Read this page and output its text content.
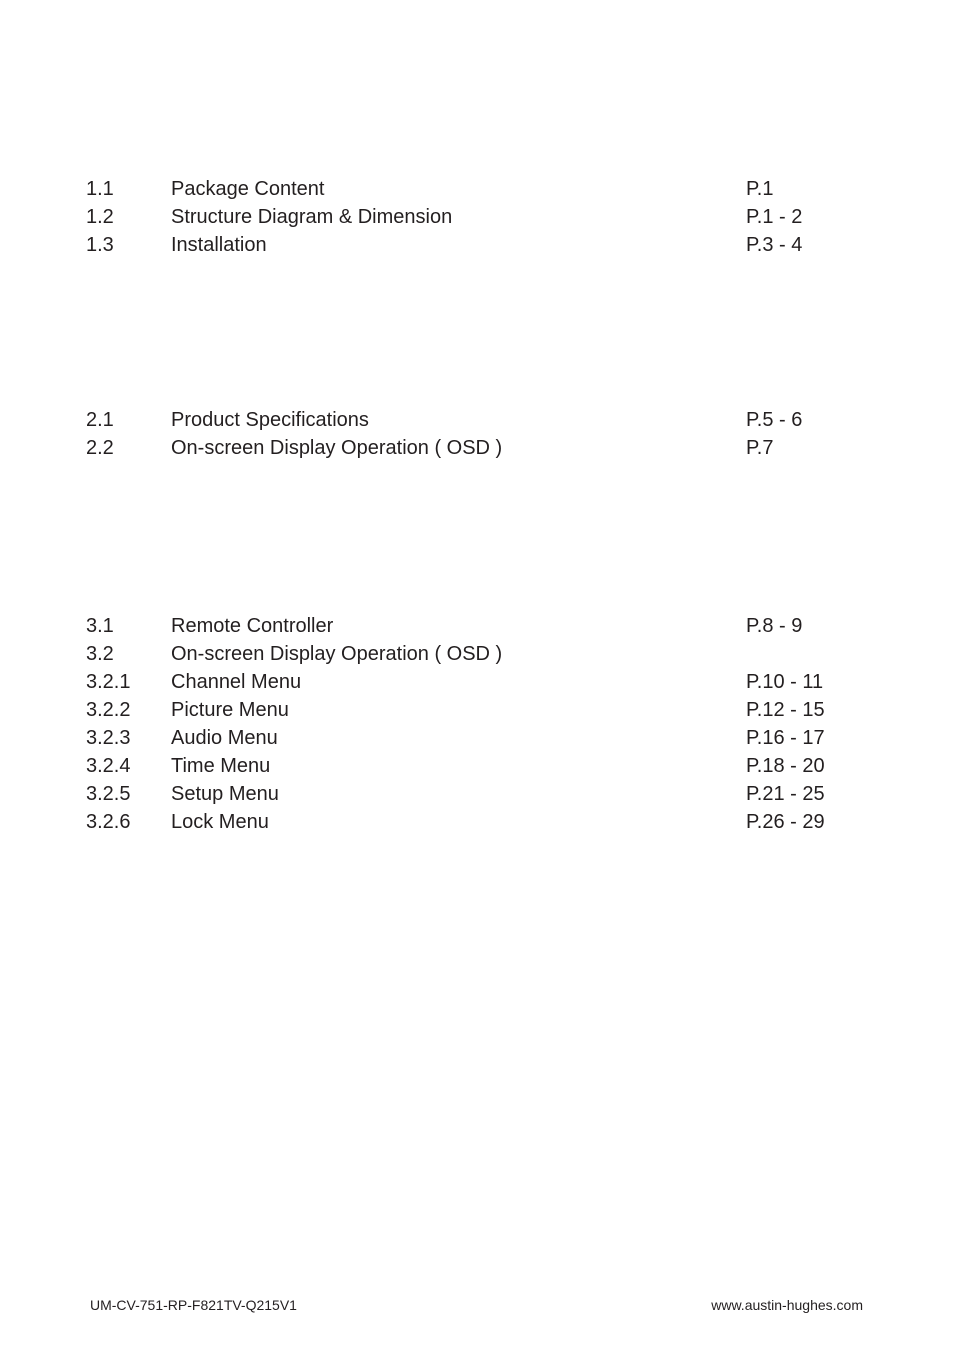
1.1	Package Content	P.1
1.2	Structure Diagram & Dimension	P.1 - 2
1.3	Installation	P.3 - 4
2.1	Product Specifications	P.5 - 6
2.2	On-screen Display Operation ( OSD )	P.7
3.1	Remote Controller	P.8 - 9
3.2	On-screen Display Operation ( OSD )
3.2.1 Channel Menu	P.10 - 11
3.2.2 Picture Menu	P.12 - 15
3.2.3 Audio Menu	P.16 - 17
3.2.4 Time Menu	P.18 - 20
3.2.5 Setup Menu	P.21 - 25
3.2.6 Lock Menu	P.26 - 29
UM-CV-751-RP-F821TV-Q215V1	www.austin-hughes.com
